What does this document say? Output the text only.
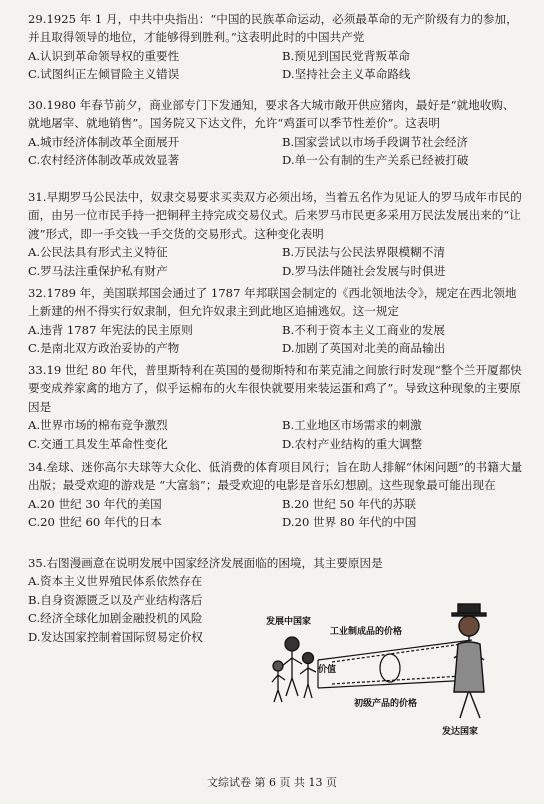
29.1925 年 1 月，中共中央指出：“中国的民族革命运动，必须最革命的无产阶级有力的参加，并且取得领导的地位，才能够得到胜利。”这表明此时的中国共产党
A.认识到革命领导权的重要性	B.预见到国民党背叛革命
C.试图纠正左倾冒险主义错误	D.坚持社会主义革命路线
30.1980 年春节前夕，商业部专门下发通知，要求各大城市敞开供应猪肉，最好是“就地收购、就地屠宰、就地销售”。国务院又下达文件，允许“鸡蛋可以季节性差价”。这表明
A.城市经济体制改革全面展开	B.国家尝试以市场手段调节社会经济
C.农村经济体制改革成效显著	D.单一公有制的生产关系已经被打破
31.早期罗马公民法中，奴隶交易要求买卖双方必须出场，当着五名作为见证人的罗马成年市民的面，由另一位市民手持一把铜秤主持完成交易仪式。后来罗马市民更多采用万民法发展出来的“让渡”形式，即一手交钱一手交货的交易形式。这种变化表明
A.公民法具有形式主义特征	B.万民法与公民法界限模糊不清
C.罗马法注重保护私有财产	D.罗马法伴随社会发展与时俱进
32.1789 年，美国联邦国会通过了 1787 年邦联国会制定的《西北领地法令》，规定在西北领地上新建的州不得实行奴隶制，但允许奴隶主到此地区追捕逃奴。这一规定
A.违背 1787 年宪法的民主原则	B.不利于资本主义工商业的发展
C.是南北双方政治妥协的产物	D.加剧了英国对北美的商品输出
33.19 世纪 80 年代，普里斯特利在英国的曼彻斯特和布莱克浦之间旅行时发现“整个兰开厦都快要变成养家禽的地方了，似乎运棉布的火车很快就要用来装运蛋和鸡了”。导致这种现象的主要原因是
A.世界市场的棉布竞争激烈	B.工业地区市场需求的刺激
C.交通工具发生革命性变化	D.农村产业结构的重大调整
34.垒球、迷你高尔夫球等大众化、低消费的体育项目风行；旨在助人排解“休闲问题”的书籍大量出版；最受欢迎的游戏是 “大富翁”；最受欢迎的电影是音乐幻想剧。这些现象最可能出现在
A.20 世纪 30 年代的美国	B.20 世纪 50 年代的苏联
C.20 世纪 60 年代的日本	D.20 世界 80 年代的中国
35.右图漫画意在说明发展中国家经济发展面临的困境，其主要原因是
A.资本主义世界殖民体系依然存在
B.自身资源匮乏以及产业结构落后
C.经济全球化加剧金融投机的风险
D.发达国家控制着国际贸易定价权
发展中国家
工业制成品的价格
价值
初级产品的价格
发达国家
文综试卷 第 6 页 共 13 页
